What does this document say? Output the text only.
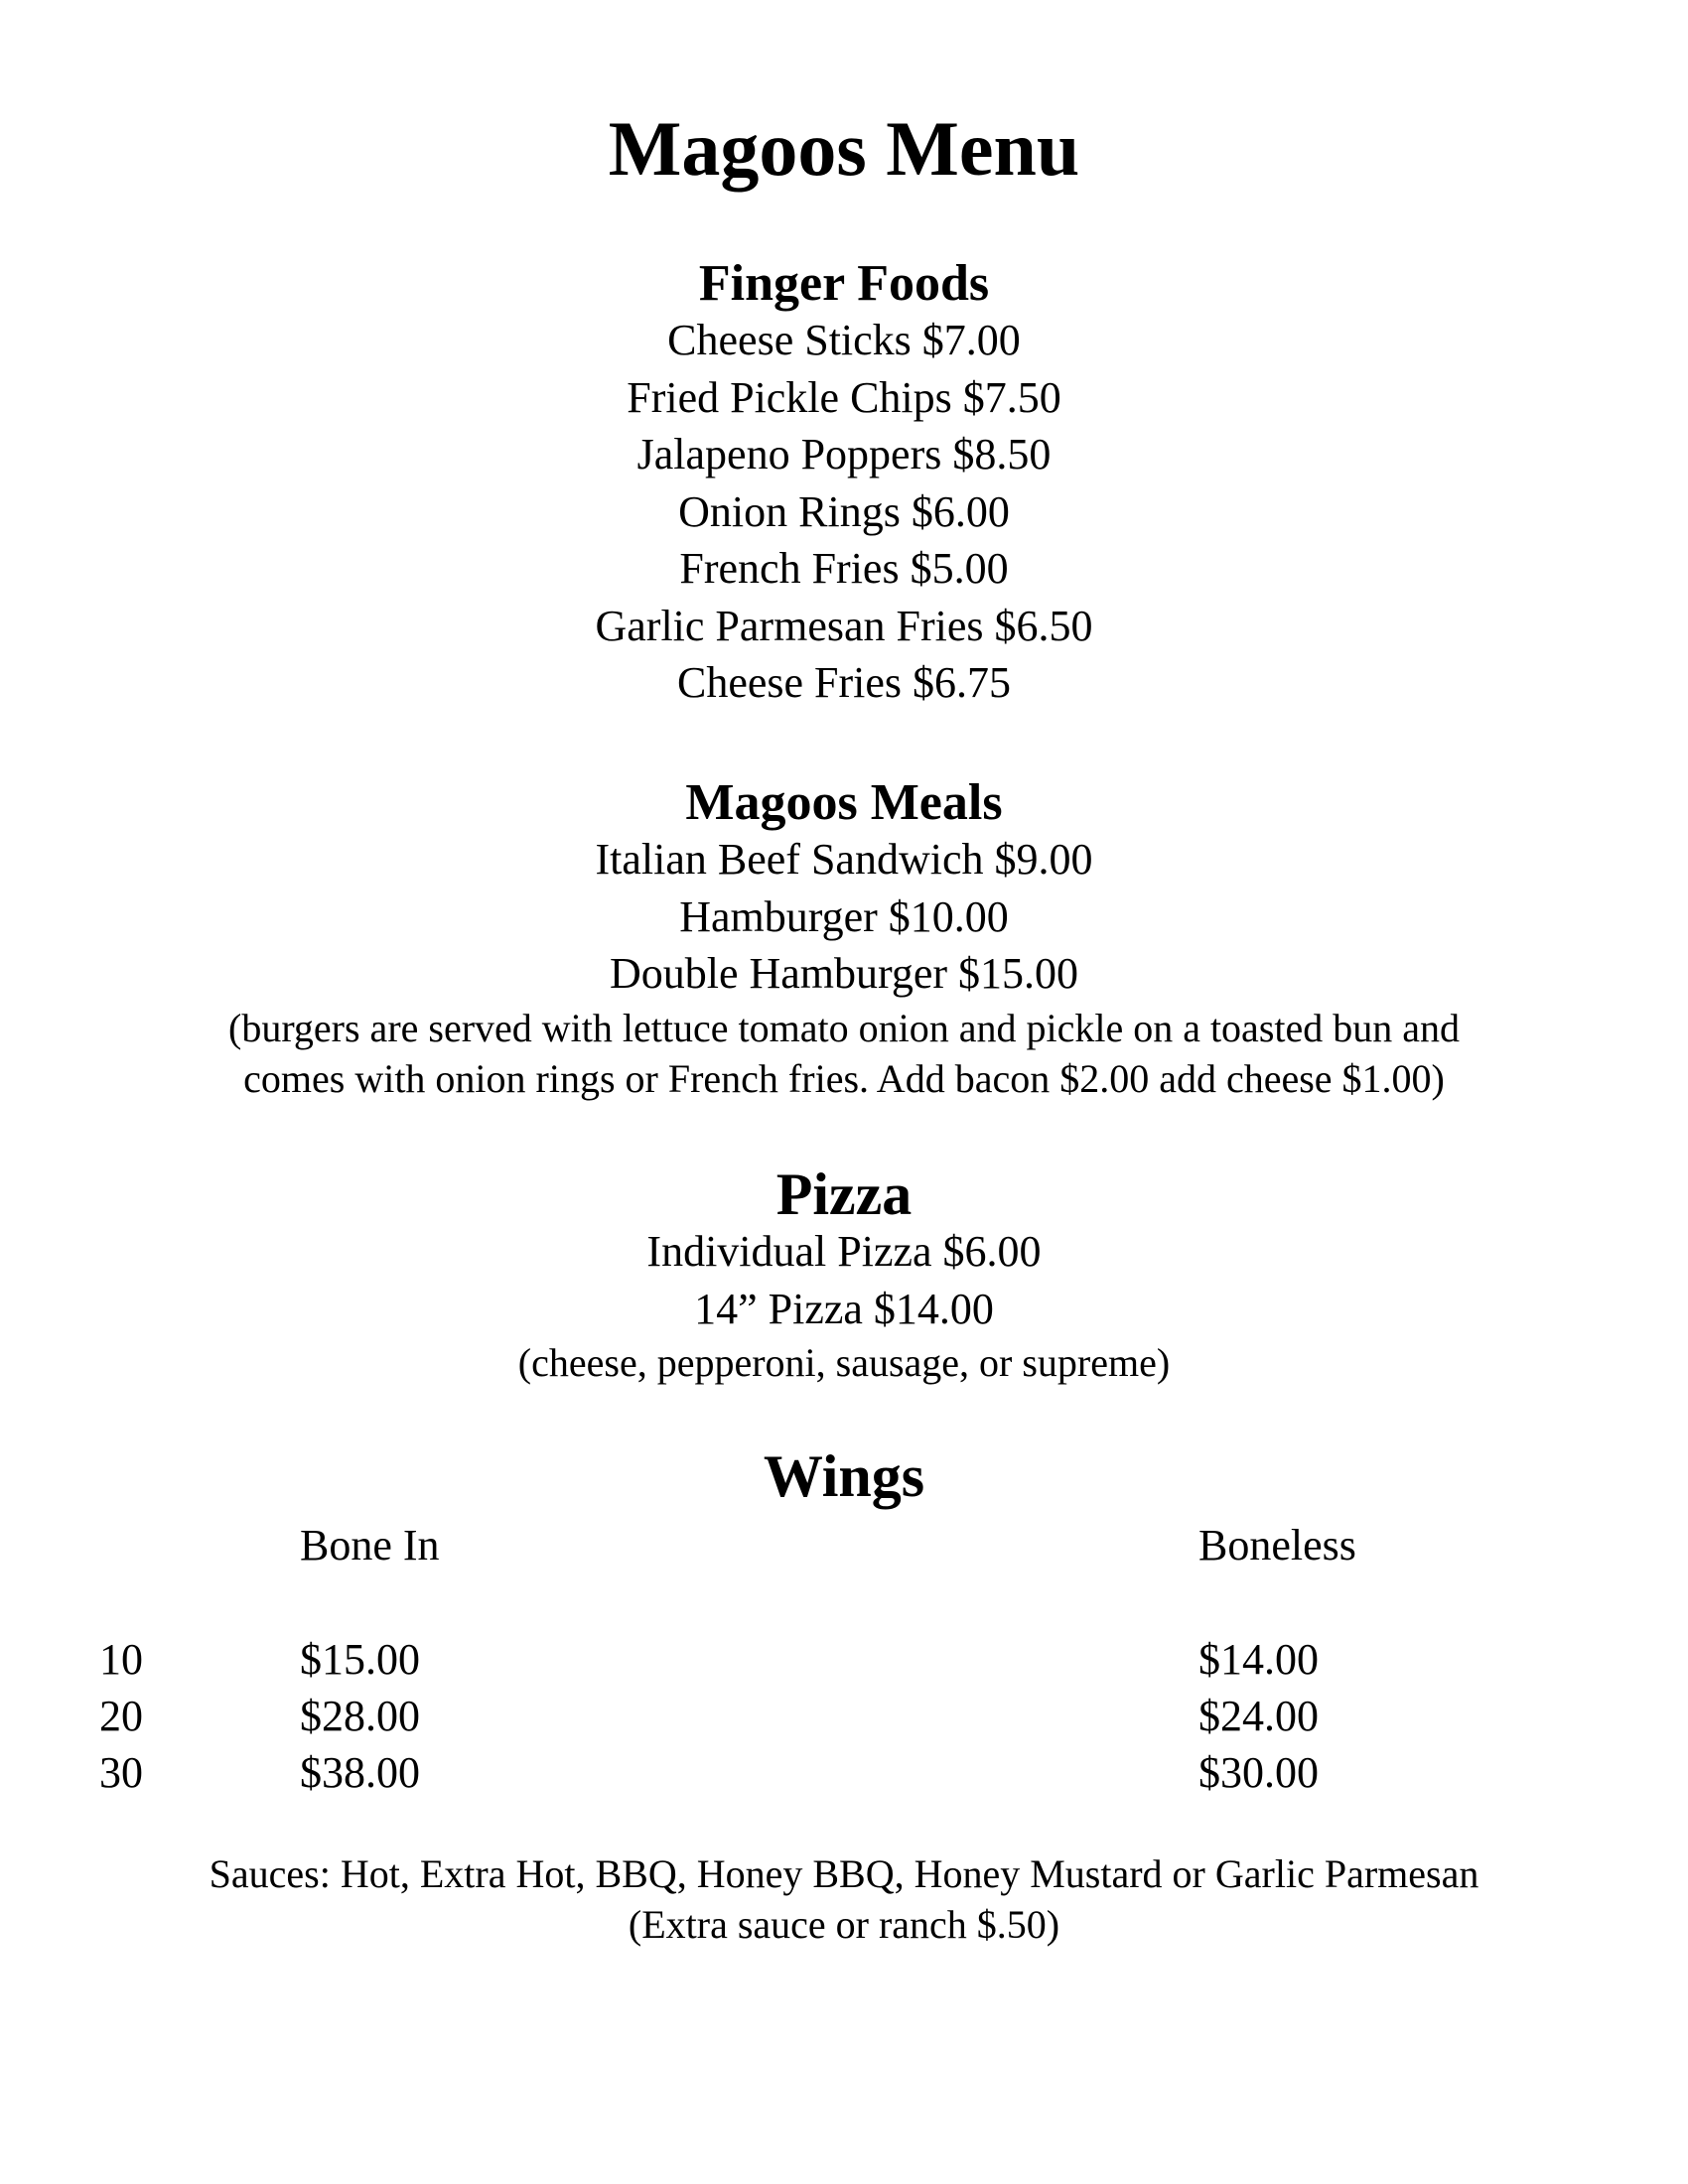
Magoos Menu
Finger Foods
Cheese Sticks $7.00
Fried Pickle Chips $7.50
Jalapeno Poppers $8.50
Onion Rings $6.00
French Fries $5.00
Garlic Parmesan Fries $6.50
Cheese Fries $6.75
Magoos Meals
Italian Beef Sandwich $9.00
Hamburger $10.00
Double Hamburger $15.00
(burgers are served with lettuce tomato onion and pickle on a toasted bun and
comes with onion rings or French fries. Add bacon $2.00 add cheese $1.00)
Pizza
Individual Pizza $6.00
14” Pizza $14.00
(cheese, pepperoni, sausage, or supreme)
Wings
Bone In	Boneless
10
20
30
$15.00
$28.00
$38.00
$14.00
$24.00
$30.00
Sauces: Hot, Extra Hot, BBQ, Honey BBQ, Honey Mustard or Garlic Parmesan
(Extra sauce or ranch $.50)
